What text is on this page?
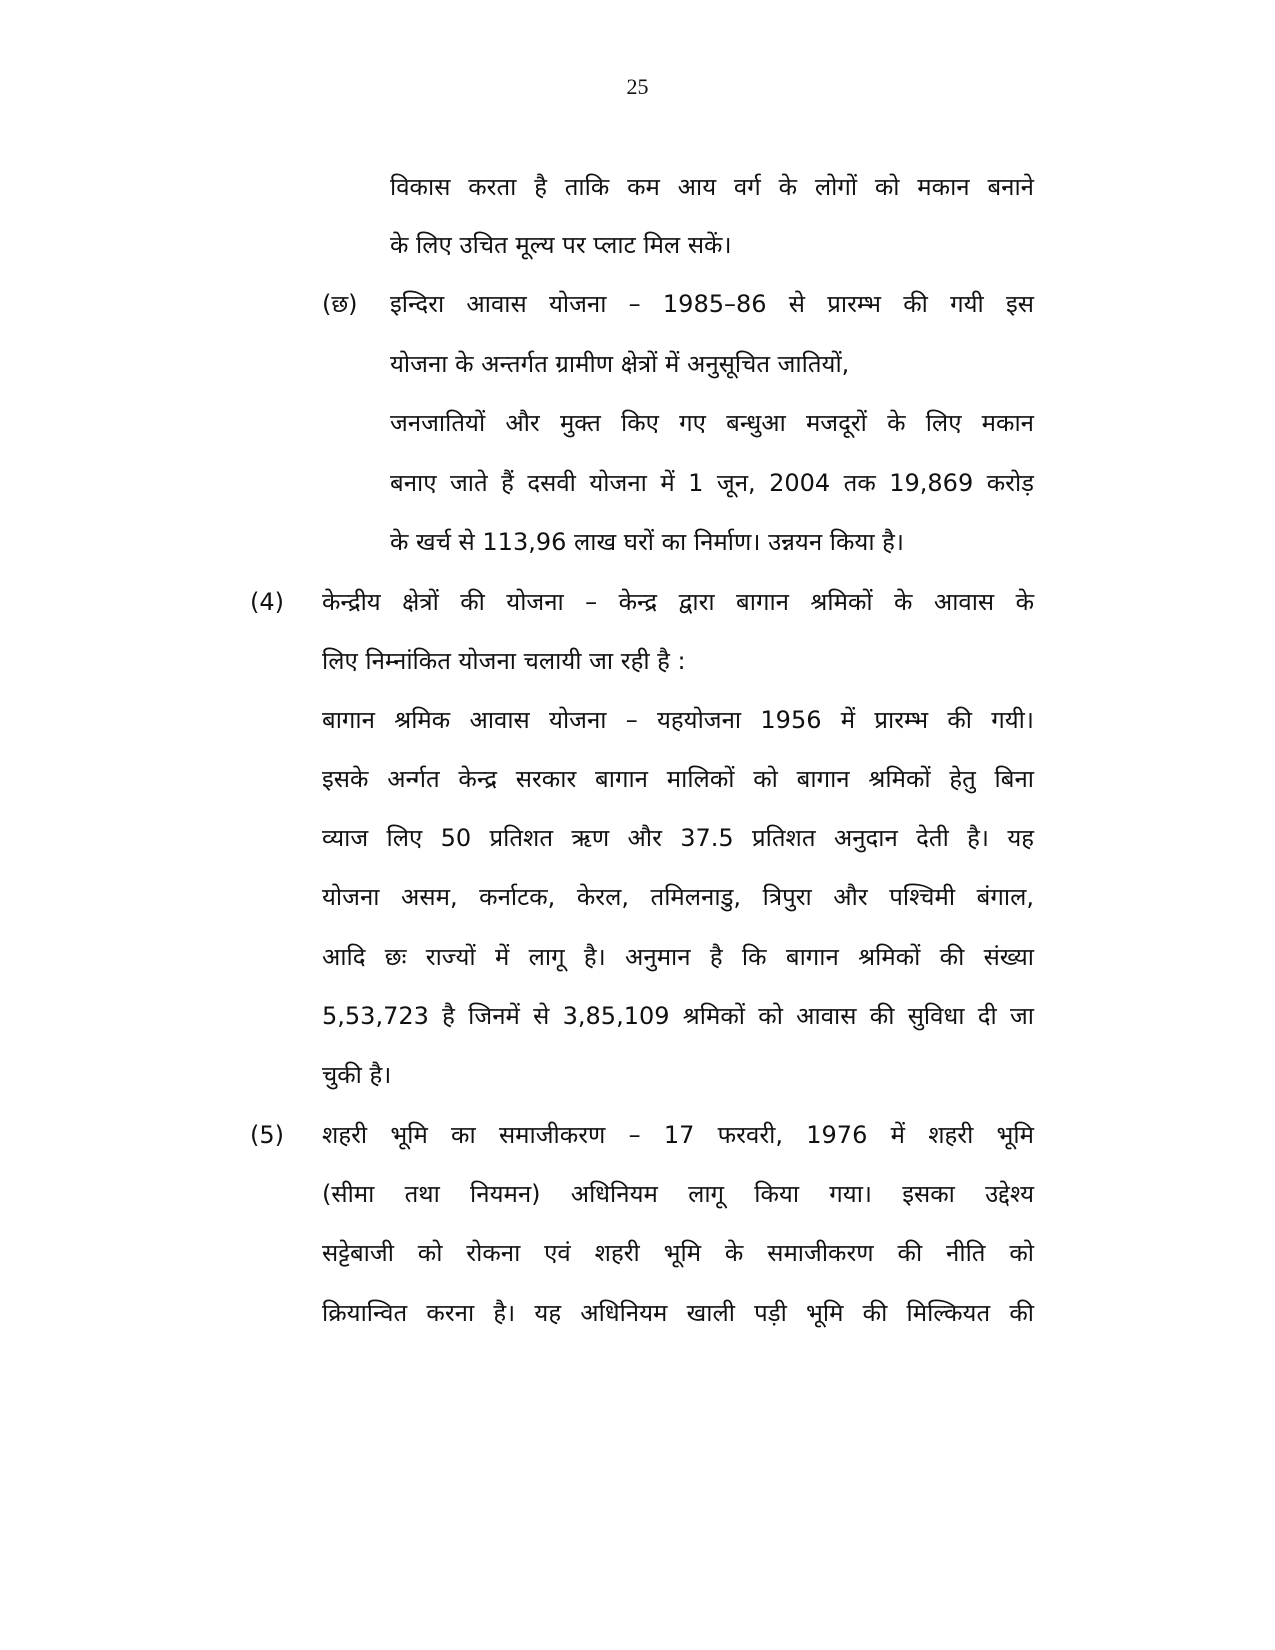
25
विकास करता है ताकि कम आय वर्ग के लोगों को मकान बनाने
के लिए उचित मूल्य पर प्लाट मिल सकें।
(छ) इन्दिरा आवास योजना – 1985–86 से प्रारम्भ की गयी इस
योजना के अन्तर्गत ग्रामीण क्षेत्रों में अनुसूचित जातियों,
जनजातियों और मुक्त किए गए बन्धुआ मजदूरों के लिए मकान
बनाए जाते हैं दसवी योजना में 1 जून, 2004 तक 19,869 करोड़
के खर्च से 113,96 लाख घरों का निर्माण। उन्नयन किया है।
(4) केन्द्रीय क्षेत्रों की योजना – केन्द्र द्वारा बागान श्रमिकों के आवास के
लिए निम्नांकित योजना चलायी जा रही है :
बागान श्रमिक आवास योजना – यहयोजना 1956 में प्रारम्भ की गयी।
इसके अर्न्गत केन्द्र सरकार बागान मालिकों को बागान श्रमिकों हेतु बिना
व्याज लिए 50 प्रतिशत ऋण और 37.5 प्रतिशत अनुदान देती है। यह
योजना असम, कर्नाटक, केरल, तमिलनाडु, त्रिपुरा और पश्चिमी बंगाल,
आदि छः राज्यों में लागू है। अनुमान है कि बागान श्रमिकों की संख्या
5,53,723 है जिनमें से 3,85,109 श्रमिकों को आवास की सुविधा दी जा
चुकी है।
(5) शहरी भूमि का समाजीकरण – 17 फरवरी, 1976 में शहरी भूमि
(सीमा तथा नियमन) अधिनियम लागू किया गया। इसका उद्देश्य
सट्टेबाजी को रोकना एवं शहरी भूमि के समाजीकरण की नीति को
क्रियान्वित करना है। यह अधिनियम खाली पड़ी भूमि की मिल्कियत की
